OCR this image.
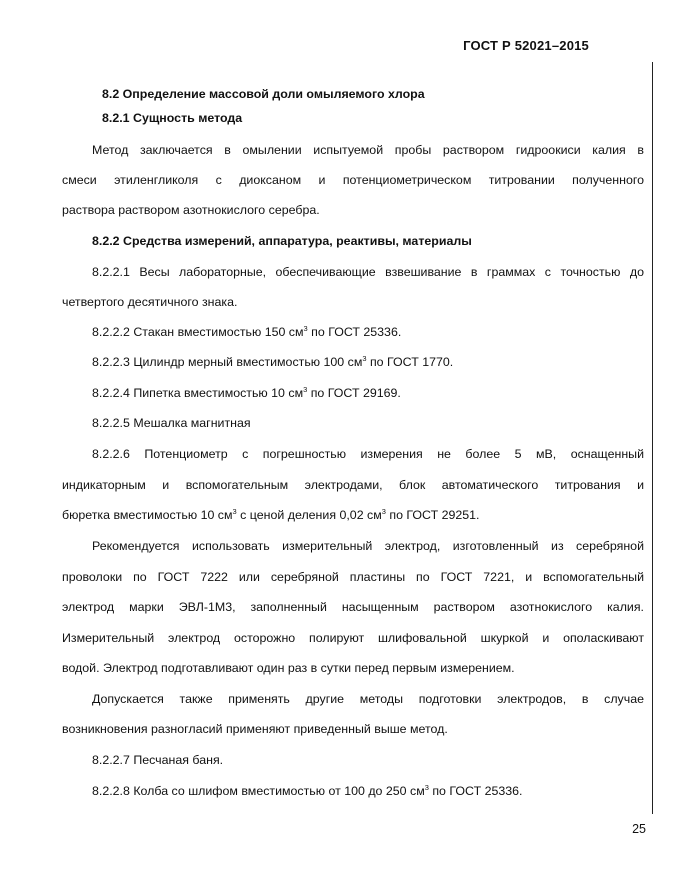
ГОСТ Р 52021–2015
8.2 Определение массовой доли омыляемого хлора
8.2.1 Сущность метода
Метод заключается в омылении испытуемой пробы раствором гидроокиси калия в
смеси этиленгликоля с диоксаном и потенциометрическом титровании полученного
раствора раствором азотнокислого серебра.
8.2.2 Средства измерений, аппаратура, реактивы, материалы
8.2.2.1 Весы лабораторные, обеспечивающие взвешивание в граммах с точностью до
четвертого десятичного знака.
8.2.2.2 Стакан вместимостью 150 $см^3$ по ГОСТ 25336.
8.2.2.3 Цилиндр мерный вместимостью 100 $см^3$ по ГОСТ 1770.
8.2.2.4 Пипетка вместимостью 10 $см^3$ по ГОСТ 29169.
8.2.2.5 Мешалка магнитная
8.2.2.6 Потенциометр с погрешностью измерения не более 5 мВ, оснащенный
индикаторным и вспомогательным электродами, блок автоматического титрования и
бюретка вместимостью 10 $см^3$ с ценой деления 0,02 $см^3$ по ГОСТ 29251.
Рекомендуется использовать измерительный электрод, изготовленный из серебряной
проволоки по ГОСТ 7222 или серебряной пластины по ГОСТ 7221, и вспомогательный
электрод марки ЭВЛ-1М3, заполненный насыщенным раствором азотнокислого калия.
Измерительный электрод осторожно полируют шлифовальной шкуркой и ополаскивают
водой. Электрод подготавливают один раз в сутки перед первым измерением.
Допускается также применять другие методы подготовки электродов, в случае
возникновения разногласий применяют приведенный выше метод.
8.2.2.7 Песчаная баня.
8.2.2.8 Колба со шлифом вместимостью от 100 до 250 $см^3$ по ГОСТ 25336.
25
